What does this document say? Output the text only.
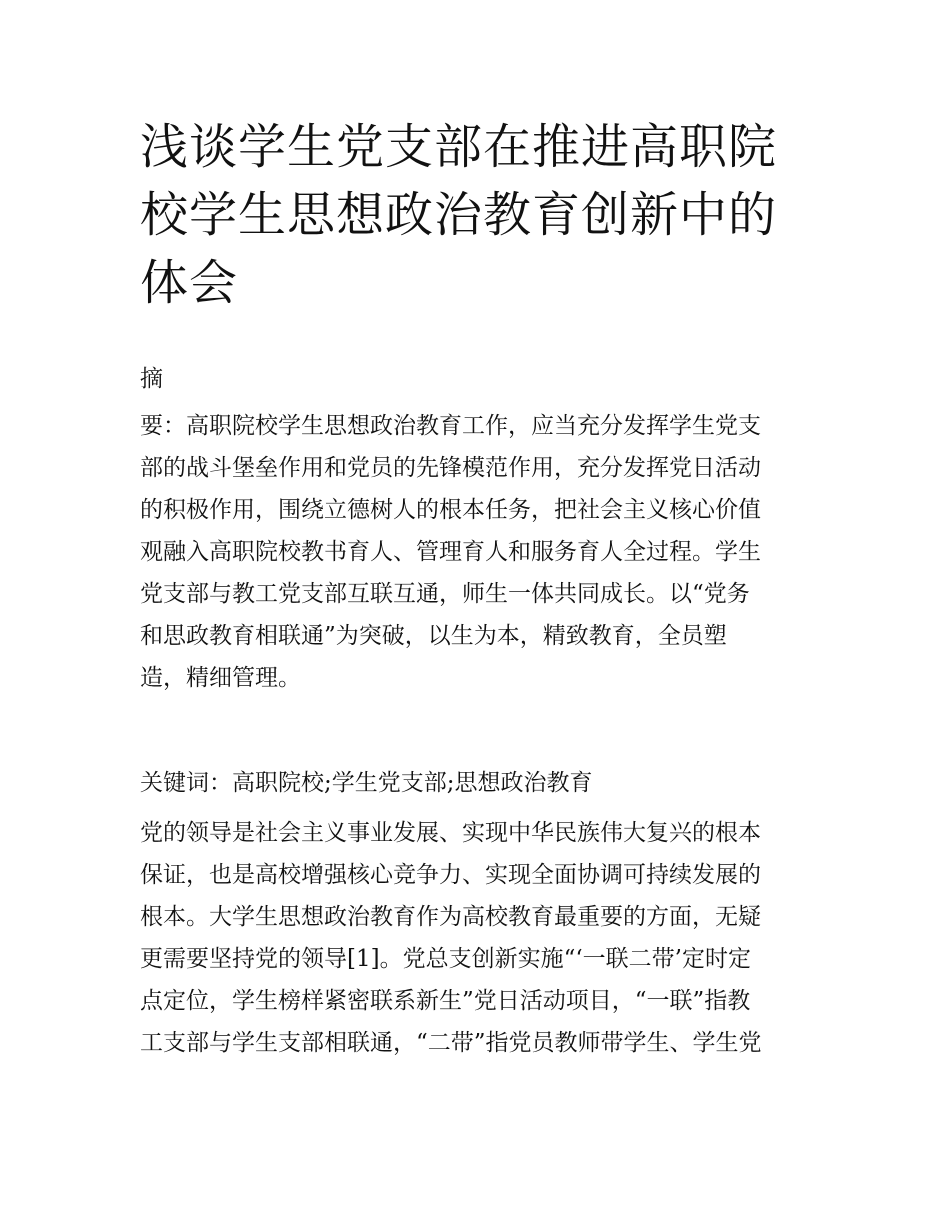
浅谈学生党支部在推进高职院
校学生思想政治教育创新中的
体会

摘

要：高职院校学生思想政治教育工作，应当充分发挥学生党支
部的战斗堡垒作用和党员的先锋模范作用，充分发挥党日活动
的积极作用，围绕立德树人的根本任务，把社会主义核心价值
观融入高职院校教书育人、管理育人和服务育人全过程。学生
党支部与教工党支部互联互通，师生一体共同成长。以“党务
和思政教育相联通”为突破，以生为本，精致教育，全员塑
造，精细管理。

关键词：高职院校;学生党支部;思想政治教育

党的领导是社会主义事业发展、实现中华民族伟大复兴的根本
保证，也是高校增强核心竞争力、实现全面协调可持续发展的
根本。大学生思想政治教育作为高校教育最重要的方面，无疑
更需要坚持党的领导[1]。党总支创新实施“‘一联二带’定时定
点定位，学生榜样紧密联系新生”党日活动项目，“一联”指教
工支部与学生支部相联通，“二带”指党员教师带学生、学生党
